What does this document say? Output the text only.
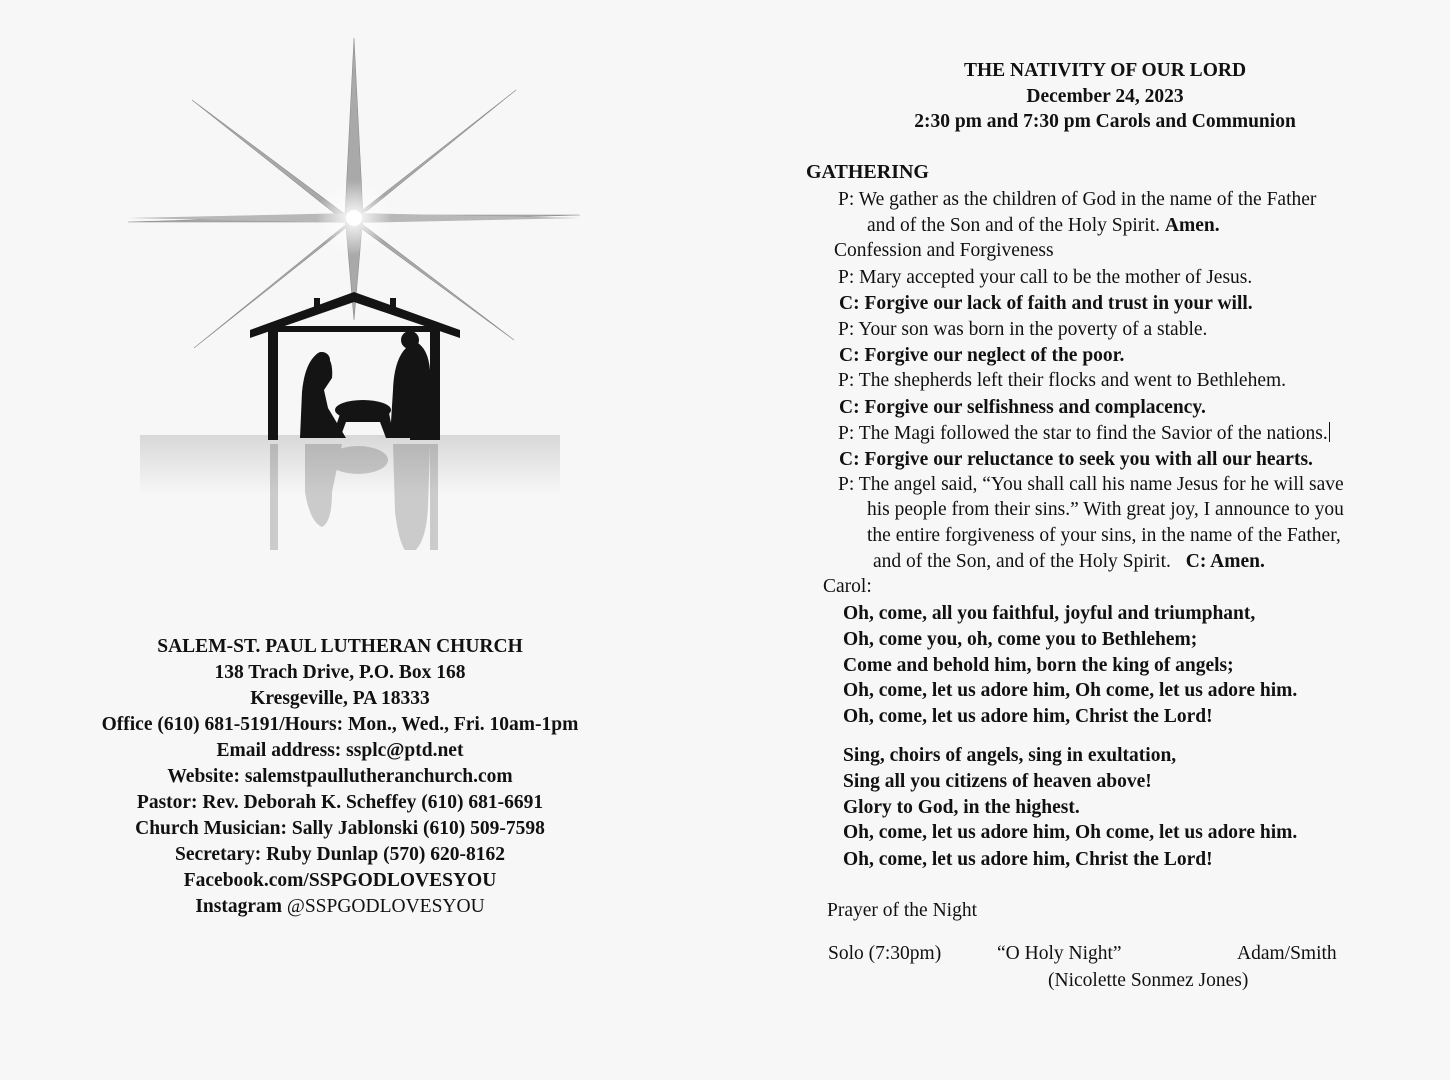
SALEM-ST. PAUL LUTHERAN CHURCH
138 Trach Drive, P.O. Box 168
Kresgeville, PA 18333
Office (610) 681-5191/Hours: Mon., Wed., Fri. 10am-1pm
Email address: ssplc@ptd.net
Website: salemstpaullutheranchurch.com
Pastor: Rev. Deborah K. Scheffey (610) 681-6691
Church Musician: Sally Jablonski (610) 509-7598
Secretary: Ruby Dunlap (570) 620-8162
Facebook.com/SSPGODLOVESYOU
Instagram @SSPGODLOVESYOU
THE NATIVITY OF OUR LORD
December 24, 2023
2:30 pm and 7:30 pm Carols and Communion
GATHERING
P: We gather as the children of God in the name of the Father
and of the Son and of the Holy Spirit. Amen.
Confession and Forgiveness
P: Mary accepted your call to be the mother of Jesus.
C: Forgive our lack of faith and trust in your will.
P: Your son was born in the poverty of a stable.
C: Forgive our neglect of the poor.
P: The shepherds left their flocks and went to Bethlehem.
C: Forgive our selfishness and complacency.
P: The Magi followed the star to find the Savior of the nations.
C: Forgive our reluctance to seek you with all our hearts.
P: The angel said, “You shall call his name Jesus for he will save
his people from their sins.” With great joy, I announce to you
the entire forgiveness of your sins, in the name of the Father,
and of the Son, and of the Holy Spirit. C: Amen.
Carol:
Oh, come, all you faithful, joyful and triumphant,
Oh, come you, oh, come you to Bethlehem;
Come and behold him, born the king of angels;
Oh, come, let us adore him, Oh come, let us adore him.
Oh, come, let us adore him, Christ the Lord!
Sing, choirs of angels, sing in exultation,
Sing all you citizens of heaven above!
Glory to God, in the highest.
Oh, come, let us adore him, Oh come, let us adore him.
Oh, come, let us adore him, Christ the Lord!
Prayer of the Night
Solo (7:30pm)	“O Holy Night”	Adam/Smith
(Nicolette Sonmez Jones)
